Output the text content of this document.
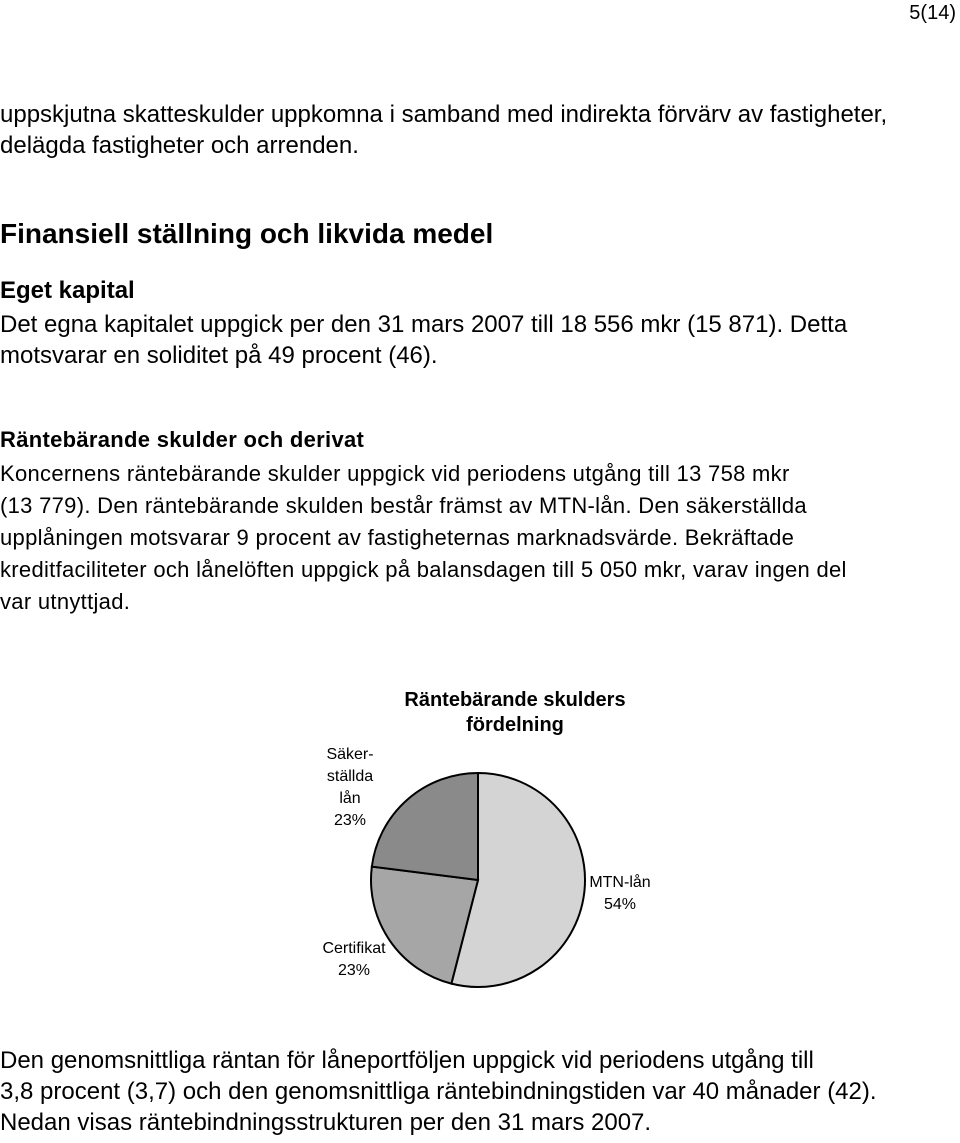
5(14)

uppskjutna skatteskulder uppkomna i samband med indirekta förvärv av fastigheter,
delägda fastigheter och arrenden.

Finansiell ställning och likvida medel
Eget kapital

Det egna kapitalet uppgick per den 31 mars 2007 till 18 556 mkr (15 871). Detta
motsvarar en soliditet på 49 procent (46).

Räntebärande skulder och derivat

Koncernens räntebärande skulder uppgick vid periodens utgång till 13 758 mkr
(13 779). Den räntebärande skulden består främst av MTN-lån. Den säkerställda
upplåningen motsvarar 9 procent av fastigheternas marknadsvärde. Bekräftade
kreditfaciliteter och lånelöften uppgick på balansdagen till 5 050 mkr, varav ingen del
var utnyttjad.

Räntebärande skulders
fördelning
Säker-
ställda
lån
23%
MTN-lån
54%
Certifikat
23%

Den genomsnittliga räntan för låneportföljen uppgick vid periodens utgång till
3,8 procent (3,7) och den genomsnittliga räntebindningstiden var 40 månader (42).
Nedan visas räntebindningsstrukturen per den 31 mars 2007.
